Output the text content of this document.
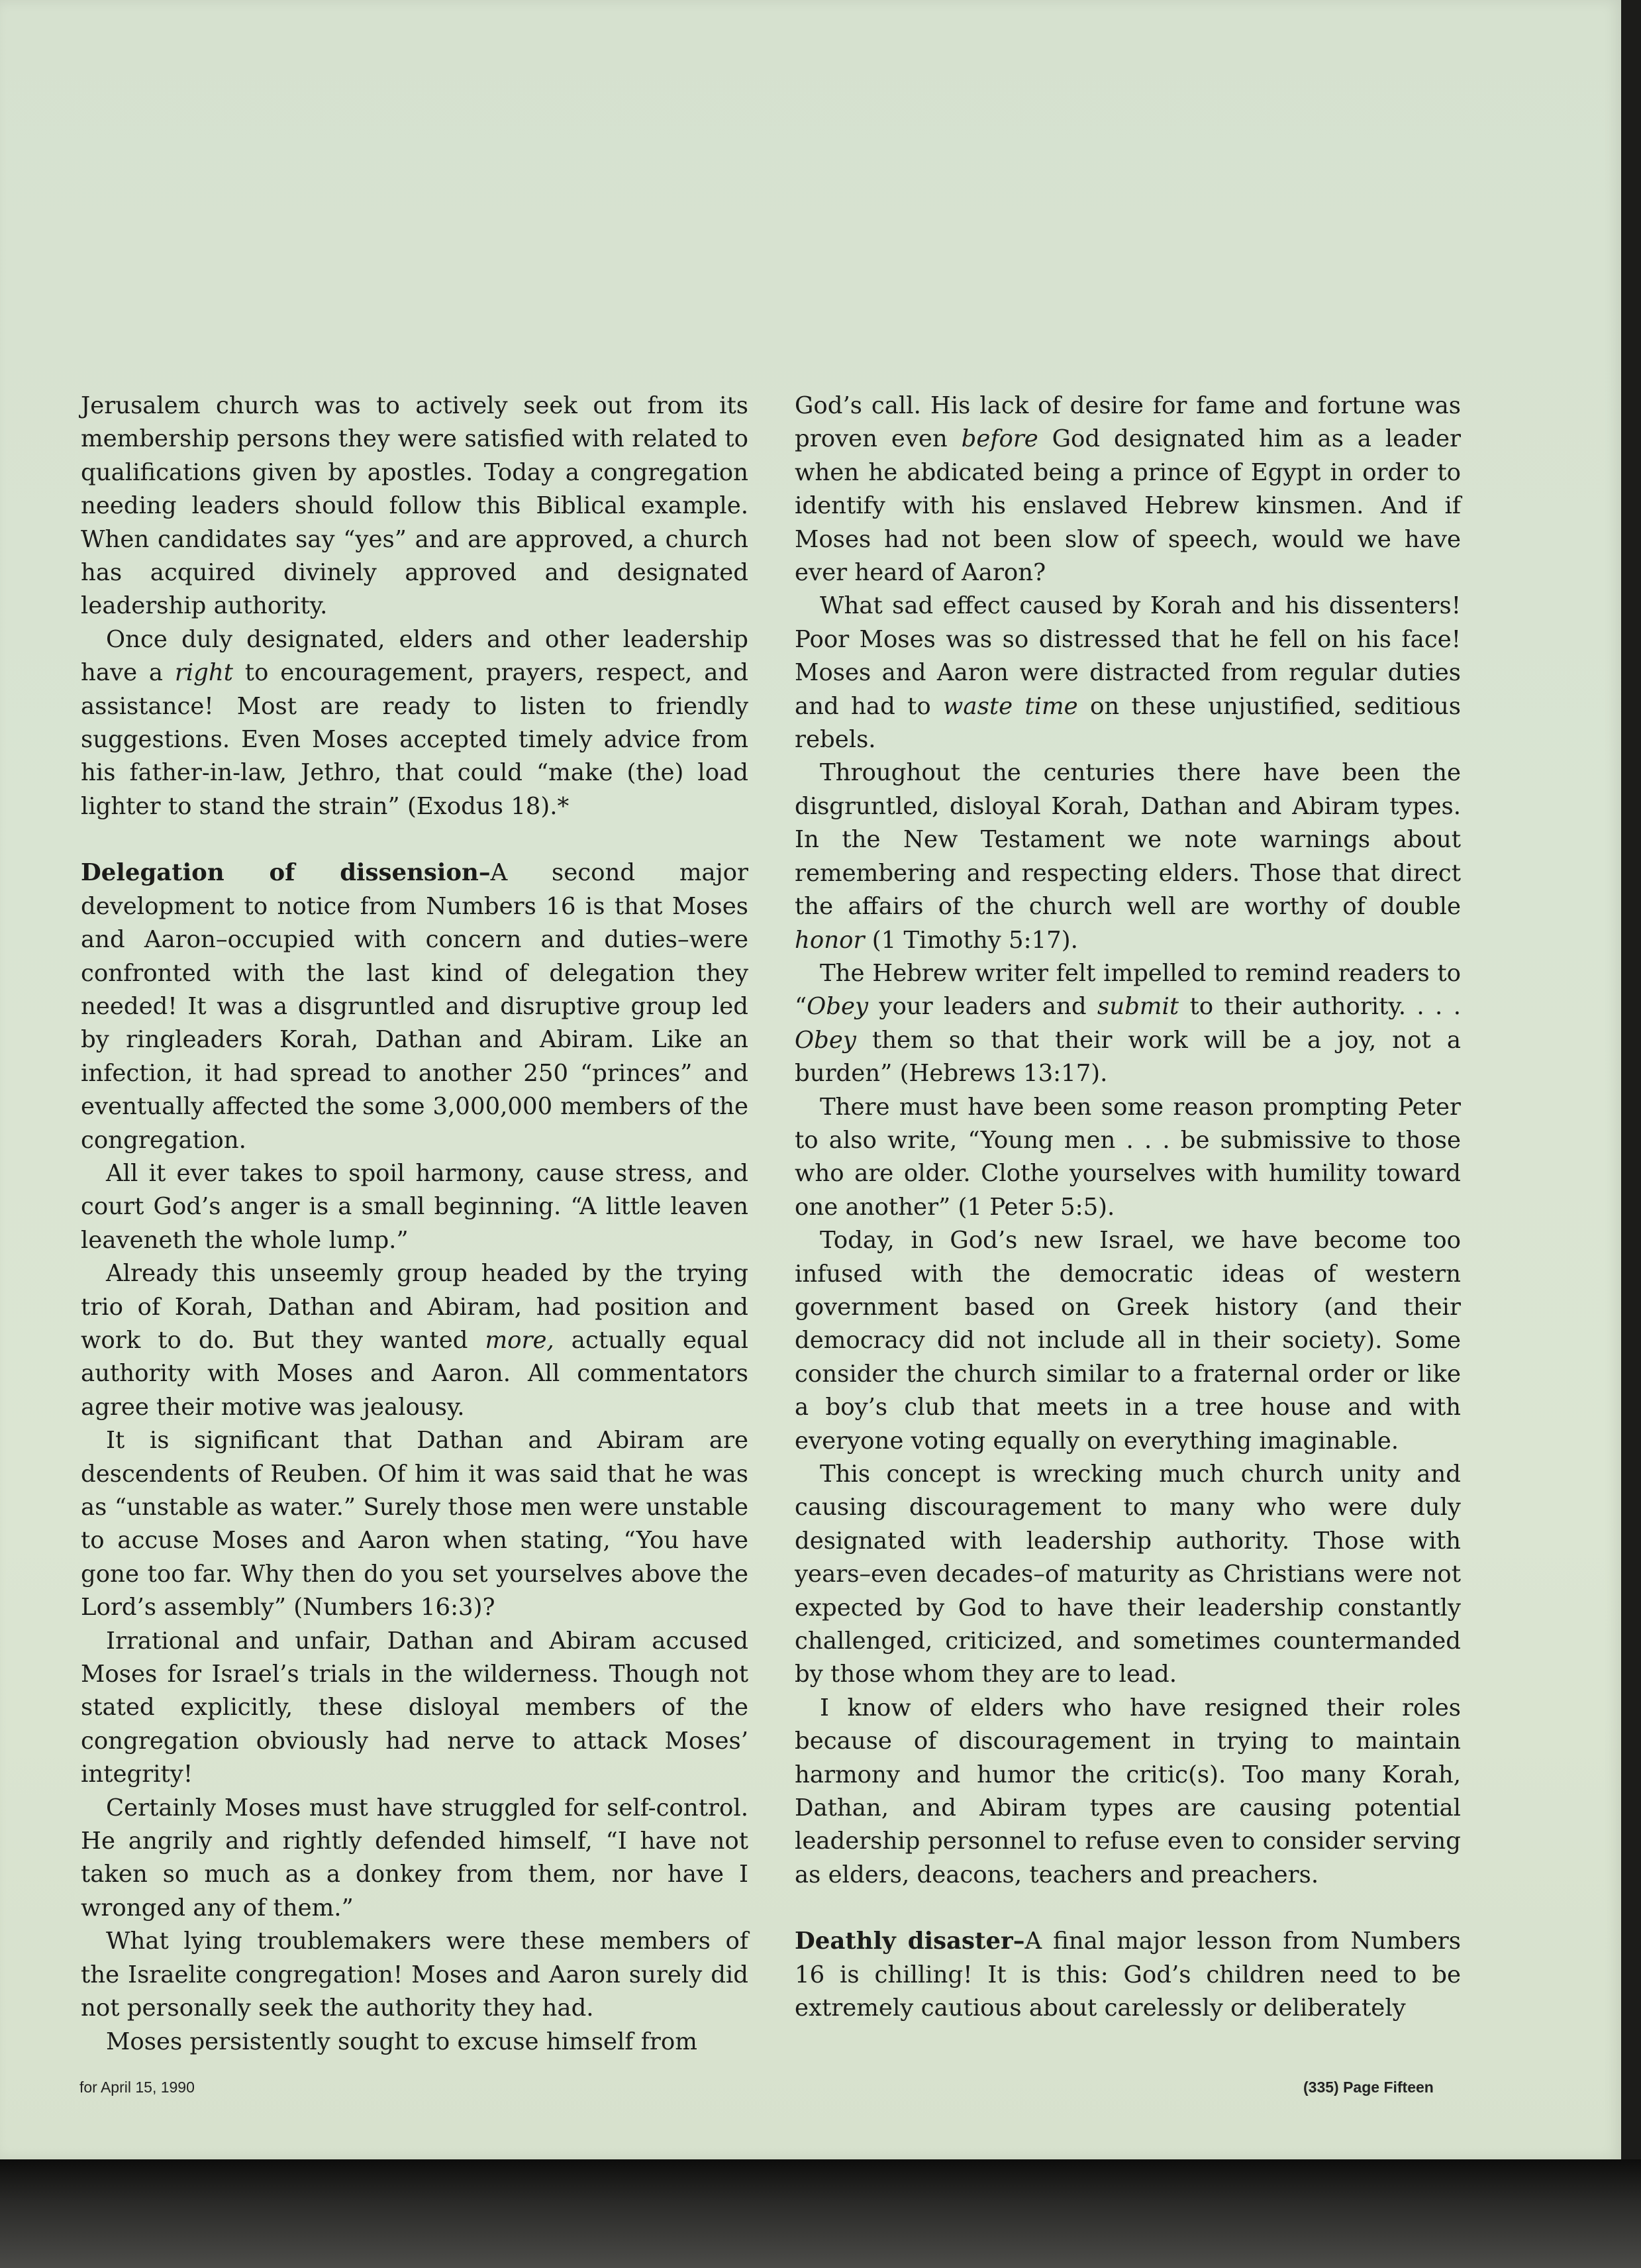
Jerusalem church was to actively seek out from its membership persons they were satisfied with related to qualifications given by apostles. Today a congregation needing leaders should follow this Biblical example. When candidates say “yes” and are approved, a church has acquired divinely approved and designated leadership authority.

Once duly designated, elders and other leadership have a right to encouragement, prayers, respect, and assistance! Most are ready to listen to friendly suggestions. Even Moses accepted timely advice from his father-in-law, Jethro, that could “make (the) load lighter to stand the strain” (Exodus 18).*

Delegation of dissension–A second major development to notice from Numbers 16 is that Moses and Aaron–occupied with concern and duties–were confronted with the last kind of delegation they needed! It was a disgruntled and disruptive group led by ringleaders Korah, Dathan and Abiram. Like an infection, it had spread to another 250 “princes” and eventually affected the some 3,000,000 members of the congregation.

All it ever takes to spoil harmony, cause stress, and court God’s anger is a small beginning. “A little leaven leaveneth the whole lump.”

Already this unseemly group headed by the trying trio of Korah, Dathan and Abiram, had position and work to do. But they wanted more, actually equal authority with Moses and Aaron. All commentators agree their motive was jealousy.

It is significant that Dathan and Abiram are descendents of Reuben. Of him it was said that he was as “unstable as water.” Surely those men were unstable to accuse Moses and Aaron when stating, “You have gone too far. Why then do you set yourselves above the Lord’s assembly” (Numbers 16:3)?

Irrational and unfair, Dathan and Abiram accused Moses for Israel’s trials in the wilderness. Though not stated explicitly, these disloyal members of the congregation obviously had nerve to attack Moses’ integrity!

Certainly Moses must have struggled for self-control. He angrily and rightly defended himself, “I have not taken so much as a donkey from them, nor have I wronged any of them.”

What lying troublemakers were these members of the Israelite congregation! Moses and Aaron surely did not personally seek the authority they had.

Moses persistently sought to excuse himself from

God’s call. His lack of desire for fame and fortune was proven even before God designated him as a leader when he abdicated being a prince of Egypt in order to identify with his enslaved Hebrew kinsmen. And if Moses had not been slow of speech, would we have ever heard of Aaron?

What sad effect caused by Korah and his dissenters! Poor Moses was so distressed that he fell on his face! Moses and Aaron were distracted from regular duties and had to waste time on these unjustified, seditious rebels.

Throughout the centuries there have been the disgruntled, disloyal Korah, Dathan and Abiram types. In the New Testament we note warnings about remembering and respecting elders. Those that direct the affairs of the church well are worthy of double honor (1 Timothy 5:17).

The Hebrew writer felt impelled to remind readers to “Obey your leaders and submit to their authority. . . . Obey them so that their work will be a joy, not a burden” (Hebrews 13:17).

There must have been some reason prompting Peter to also write, “Young men . . . be submissive to those who are older. Clothe yourselves with humility toward one another” (1 Peter 5:5).

Today, in God’s new Israel, we have become too infused with the democratic ideas of western government based on Greek history (and their democracy did not include all in their society). Some consider the church similar to a fraternal order or like a boy’s club that meets in a tree house and with everyone voting equally on everything imaginable.

This concept is wrecking much church unity and causing discouragement to many who were duly designated with leadership authority. Those with years–even decades–of maturity as Christians were not expected by God to have their leadership constantly challenged, criticized, and sometimes countermanded by those whom they are to lead.

I know of elders who have resigned their roles because of discouragement in trying to maintain harmony and humor the critic(s). Too many Korah, Dathan, and Abiram types are causing potential leadership personnel to refuse even to consider serving as elders, deacons, teachers and preachers.

Deathly disaster–A final major lesson from Numbers 16 is chilling! It is this: God’s children need to be extremely cautious about carelessly or deliberately

for April 15, 1990	(335) Page Fifteen
